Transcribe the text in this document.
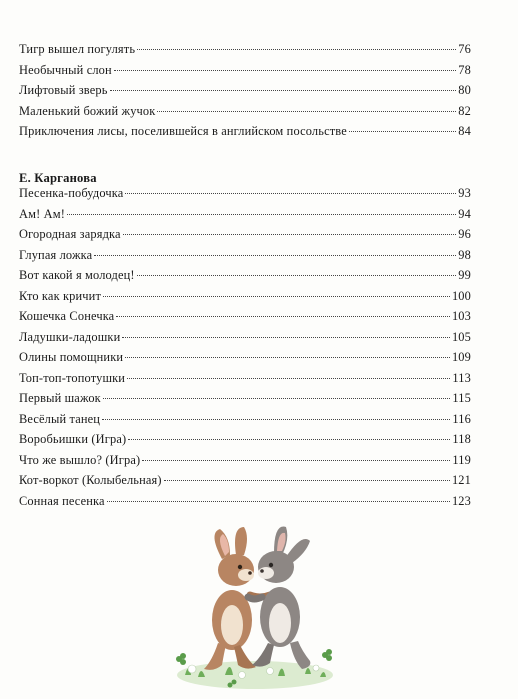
Тигр вышел погулять	76
Необычный слон	78
Лифтовый зверь	80
Маленький божий жучок	82
Приключения лисы, поселившейся в английском посольстве	84
Е. Карганова
Песенка-побудочка	93
Ам! Ам!	94
Огородная зарядка	96
Глупая ложка	98
Вот какой я молодец!	99
Кто как кричит	100
Кошечка Сонечка	103
Ладушки-ладошки	105
Олины помощники	109
Топ-топ-топотушки	113
Первый шажок	115
Весёлый танец	116
Воробьишки (Игра)	118
Что же вышло? (Игра)	119
Кот-воркот (Колыбельная)	121
Сонная песенка	123
